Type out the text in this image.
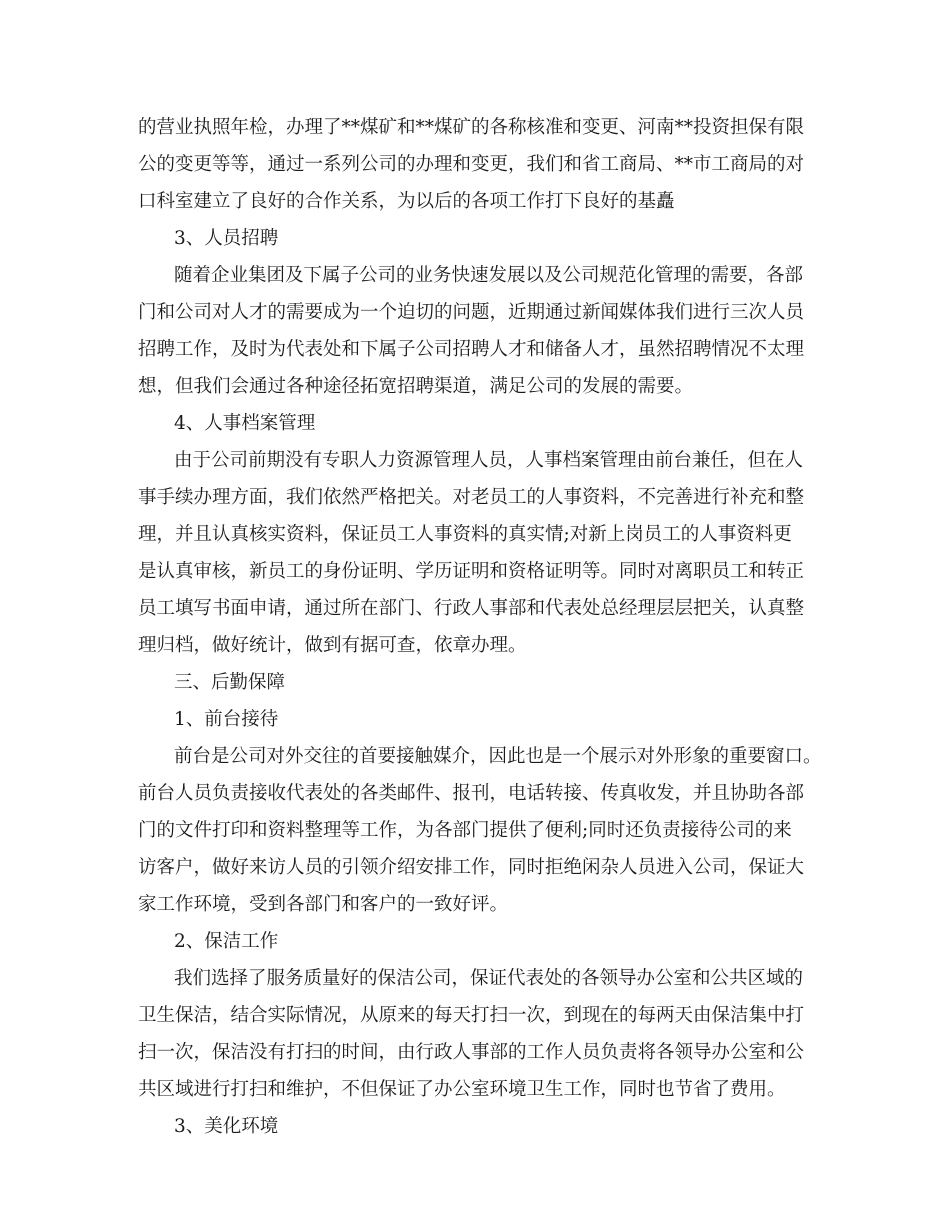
的营业执照年检，办理了**煤矿和**煤矿的各称核准和变更、河南**投资担保有限
公的变更等等，通过一系列公司的办理和变更，我们和省工商局、**市工商局的对
口科室建立了良好的合作关系，为以后的各项工作打下良好的基矗
3、人员招聘
随着企业集团及下属子公司的业务快速发展以及公司规范化管理的需要，各部
门和公司对人才的需要成为一个迫切的问题，近期通过新闻媒体我们进行三次人员
招聘工作，及时为代表处和下属子公司招聘人才和储备人才，虽然招聘情况不太理
想，但我们会通过各种途径拓宽招聘渠道，满足公司的发展的需要。
4、人事档案管理
由于公司前期没有专职人力资源管理人员，人事档案管理由前台兼任，但在人
事手续办理方面，我们依然严格把关。对老员工的人事资料，不完善进行补充和整
理，并且认真核实资料，保证员工人事资料的真实情;对新上岗员工的人事资料更
是认真审核，新员工的身份证明、学历证明和资格证明等。同时对离职员工和转正
员工填写书面申请，通过所在部门、行政人事部和代表处总经理层层把关，认真整
理归档，做好统计，做到有据可查，依章办理。
三、后勤保障
1、前台接待
前台是公司对外交往的首要接触媒介，因此也是一个展示对外形象的重要窗口。
前台人员负责接收代表处的各类邮件、报刊，电话转接、传真收发，并且协助各部
门的文件打印和资料整理等工作，为各部门提供了便利;同时还负责接待公司的来
访客户，做好来访人员的引领介绍安排工作，同时拒绝闲杂人员进入公司，保证大
家工作环境，受到各部门和客户的一致好评。
2、保洁工作
我们选择了服务质量好的保洁公司，保证代表处的各领导办公室和公共区域的
卫生保洁，结合实际情况，从原来的每天打扫一次，到现在的每两天由保洁集中打
扫一次，保洁没有打扫的时间，由行政人事部的工作人员负责将各领导办公室和公
共区域进行打扫和维护，不但保证了办公室环境卫生工作，同时也节省了费用。
3、美化环境
